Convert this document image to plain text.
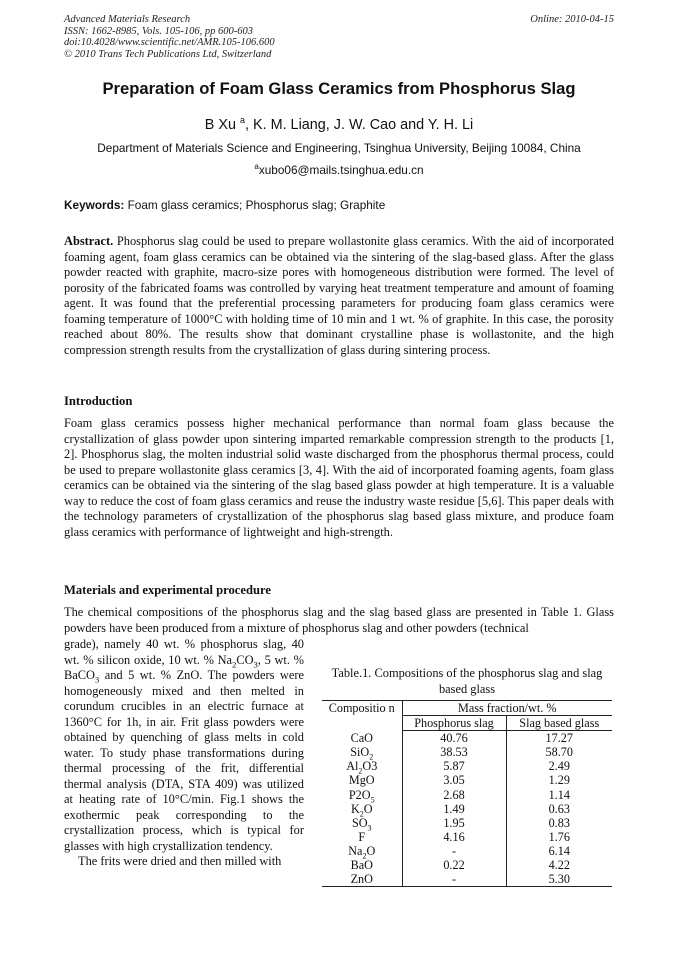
Advanced Materials Research
ISSN: 1662-8985, Vols. 105-106, pp 600-603
doi:10.4028/www.scientific.net/AMR.105-106.600
© 2010 Trans Tech Publications Ltd, Switzerland
Online: 2010-04-15
Preparation of Foam Glass Ceramics from Phosphorus Slag
B Xu $^a$, K. M. Liang, J. W. Cao and Y. H. Li
Department of Materials Science and Engineering, Tsinghua University, Beijing 10084, China
$^a$xubo06@mails.tsinghua.edu.cn
Keywords: Foam glass ceramics; Phosphorus slag; Graphite
Abstract. Phosphorus slag could be used to prepare wollastonite glass ceramics. With the aid of incorporated foaming agent, foam glass ceramics can be obtained via the sintering of the slag-based glass. After the glass powder reacted with graphite, macro-size pores with homogeneous distribution were formed. The level of porosity of the fabricated foams was controlled by varying heat treatment temperature and amount of foaming agent. It was found that the preferential processing parameters for producing foam glass ceramics were foaming temperature of 1000°C with holding time of 10 min and 1 wt. % of graphite. In this case, the porosity reached about 80%. The results show that dominant crystalline phase is wollastonite, and the high compression strength results from the crystallization of glass during sintering process.
Introduction
Foam glass ceramics possess higher mechanical performance than normal foam glass because the crystallization of glass powder upon sintering imparted remarkable compression strength to the products [1, 2]. Phosphorus slag, the molten industrial solid waste discharged from the phosphorus thermal process, could be used to prepare wollastonite glass ceramics [3, 4]. With the aid of incorporated foaming agents, foam glass ceramics can be obtained via the sintering of the slag based glass powder at high temperature. It is a valuable way to reduce the cost of foam glass ceramics and reuse the industry waste residue [5,6]. This paper deals with the technology parameters of crystallization of the phosphorus slag based glass mixture, and produce foam glass ceramics with performance of lightweight and high-strength.
Materials and experimental procedure
The chemical compositions of the phosphorus slag and the slag based glass are presented in Table 1. Glass powders have been produced from a mixture of phosphorus slag and other powders (technical
grade), namely 40 wt. % phosphorus slag, 40 wt. % silicon oxide, 10 wt. % $Na_2CO_3$, 5 wt. % BaCO$_3$ and 5 wt. % ZnO. The powders were homogeneously mixed and then melted in corundum crucibles in an electric furnace at 1360°C for 1h, in air. Frit glass powders were obtained by quenching of glass melts in cold water. To study phase transformations during thermal processing of the frit, differential thermal analysis (DTA, STA 409) was utilized at heating rate of 10°C/min. Fig.1 shows the exothermic peak corresponding to the crystallization process, which is typical for glasses with high crystallization tendency.
The frits were dried and then milled with
Table.1. Compositions of the phosphorus slag and slag based glass
Compositio n	Mass fraction/wt. %	
	Phosphorus slag	Slag based glass
CaO	40.76	17.27
SiO$_2$	38.53	58.70
$Al_2O3$	5.87	2.49
MgO	3.05	1.29
$P2O_5$	2.68	1.14
$K_2O$	1.49	0.63
$SO_3$	1.95	0.83
F	4.16	1.76
$Na_2O$	-	6.14
BaO	0.22	4.22
ZnO	-	5.30
